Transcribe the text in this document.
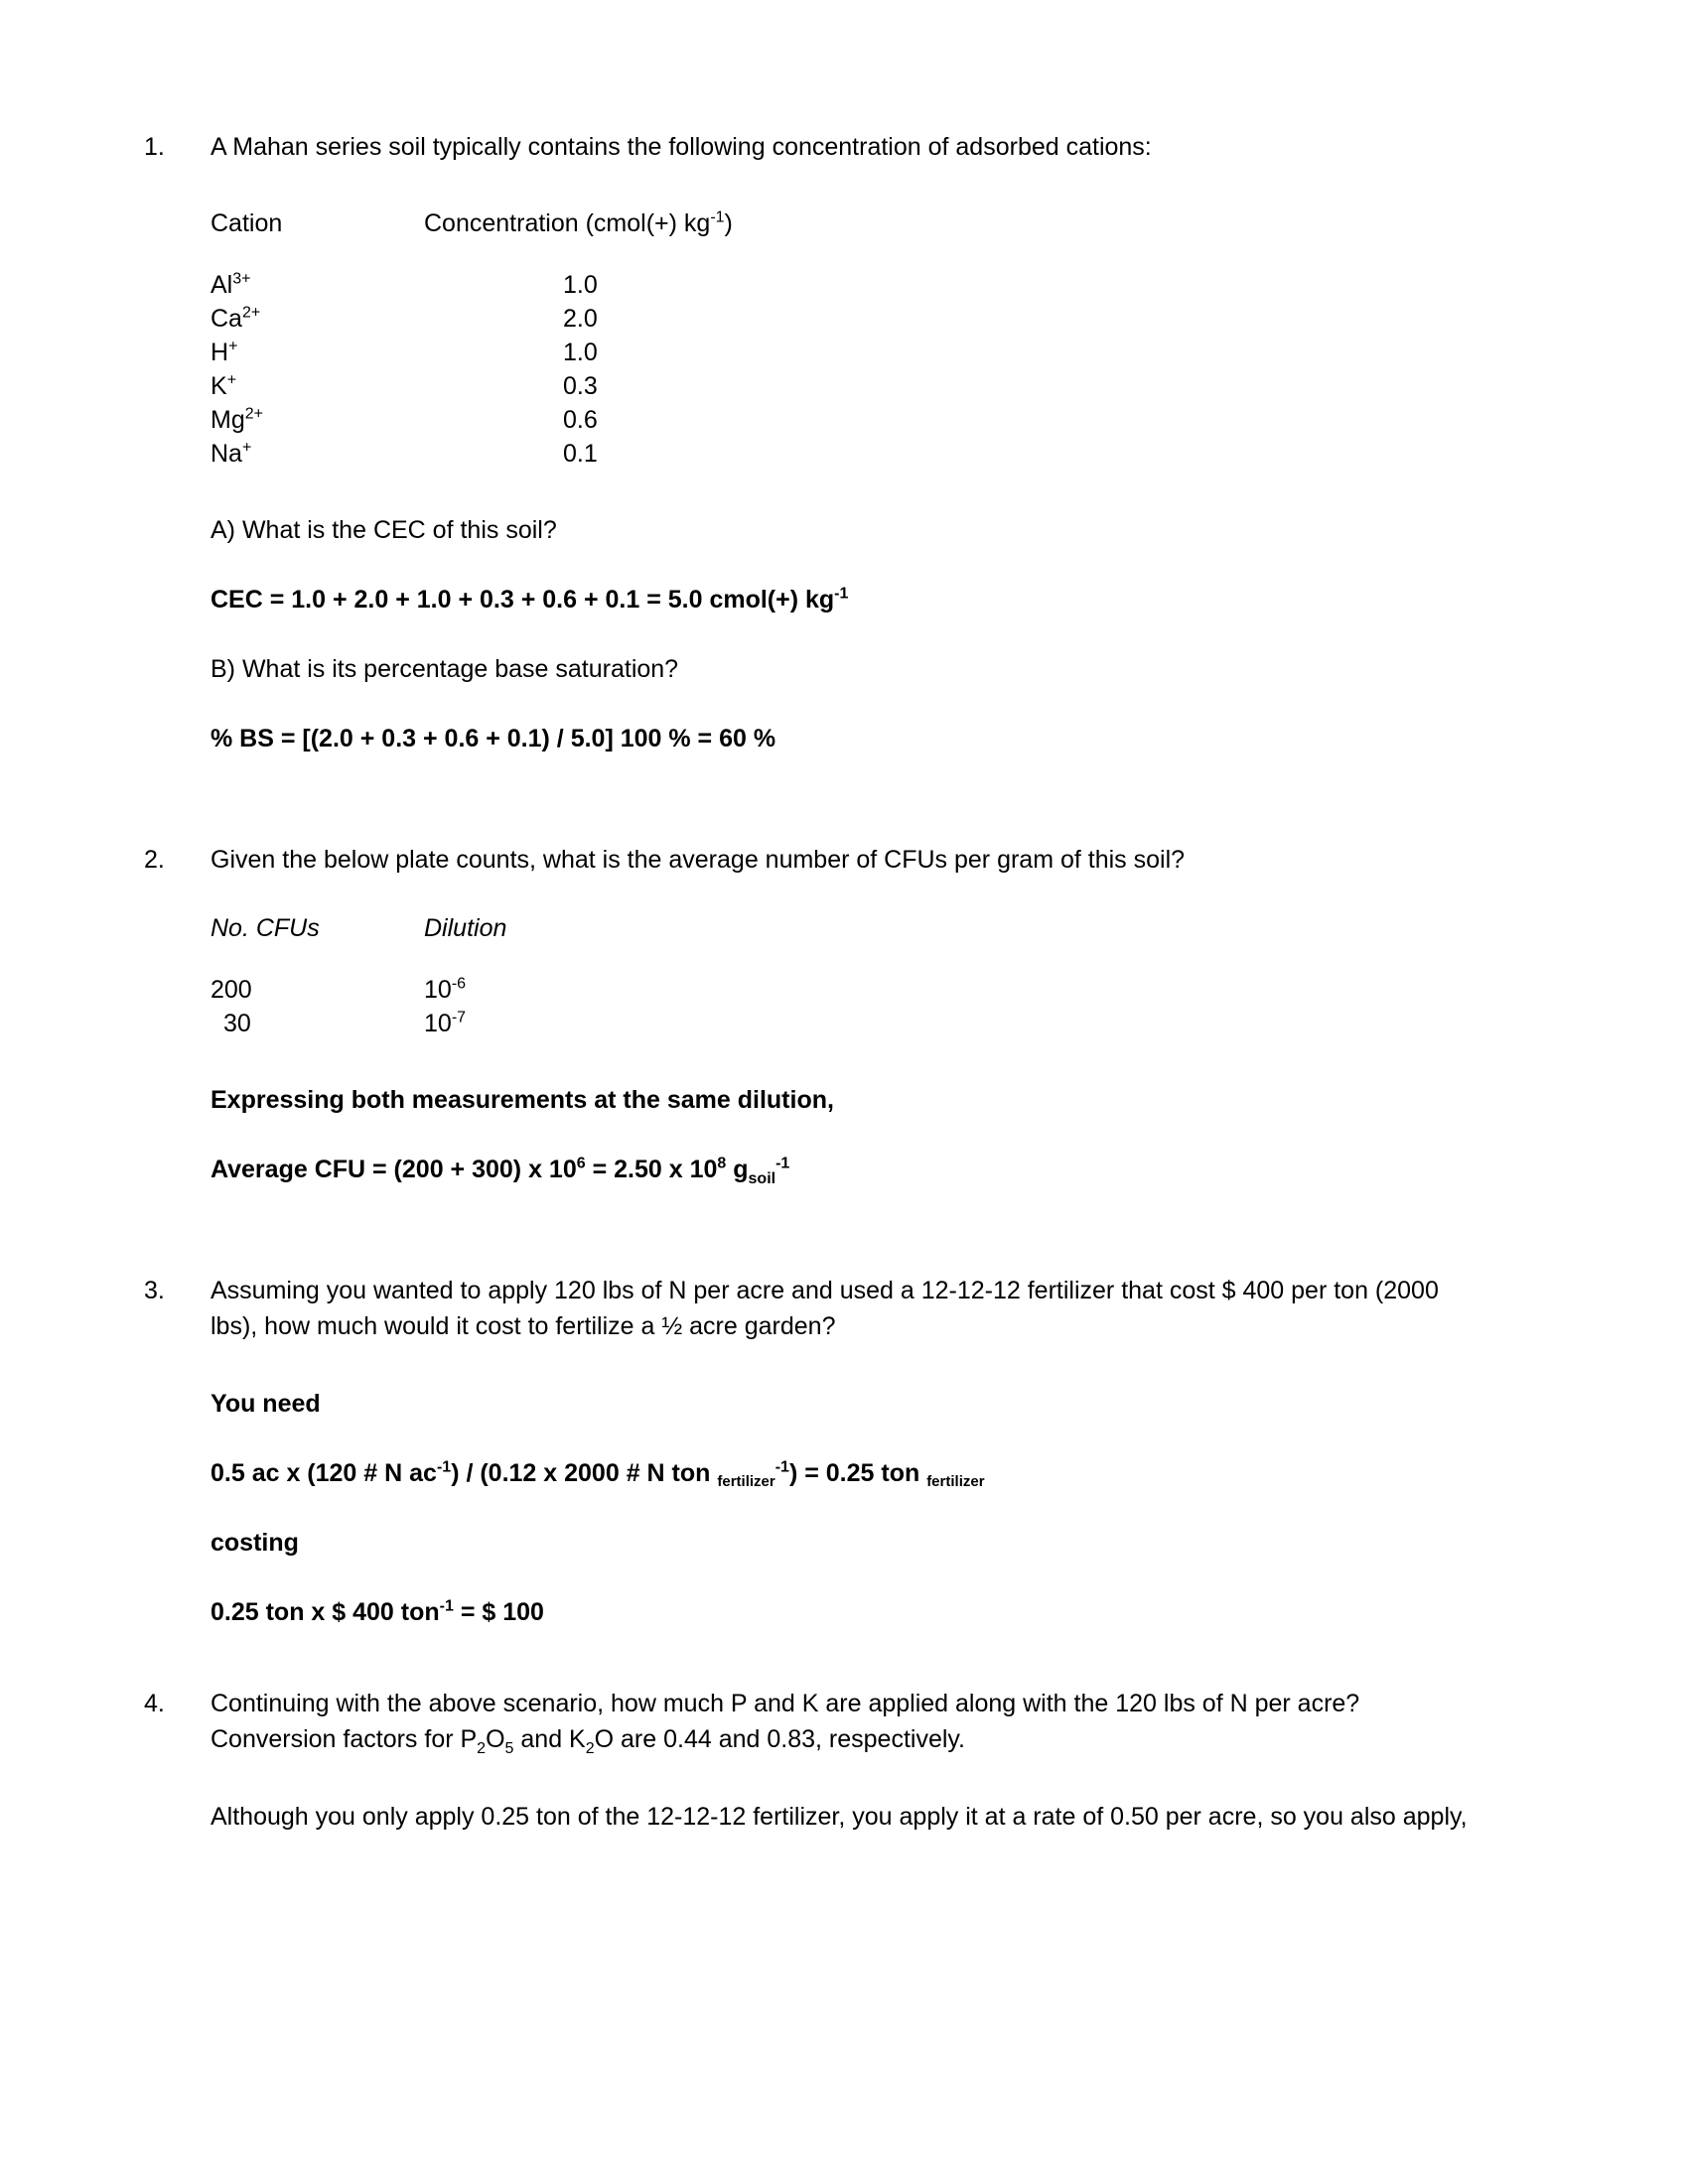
1. A Mahan series soil typically contains the following concentration of adsorbed cations:
Cation	Concentration (cmol(+) $kg^{-1}$)

$Al^{3+}$	1.0
$Ca^{2+}$	2.0
H+	1.0
K+	0.3
$Mg^{2+}$	0.6
Na+	0.1
A) What is the CEC of this soil?
CEC = 1.0 + 2.0 + 1.0 + 0.3 + 0.6 + 0.1 = 5.0 cmol(+) $kg^{-1}$
B) What is its percentage base saturation?
% BS = [(2.0 + 0.3 + 0.6 + 0.1) / 5.0] 100 % = 60 %
2. Given the below plate counts, what is the average number of CFUs per gram of this soil?
No. CFUs	Dilution

200	$10^{-6}$
30	$10^{-7}$
Expressing both measurements at the same dilution,
Average CFU = (200 + 300) x $10^6 = 2.50$ x $10^8$ $g_{soil}^{-1}$
3. Assuming you wanted to apply 120 lbs of N per acre and used a 12-12-12 fertilizer that cost $ 400 per ton (2000 lbs), how much would it cost to fertilize a ½ acre garden?
You need
0.5 ac x (120 # N $ac^{-1}) / (0.12$ x 2000 # N ton $_{fertilizer}^{-1}$) = 0.25 ton $_{fertilizer}$
costing
0.25 ton x $ 400 ton$^{-1}$ = $ 100
4. Continuing with the above scenario, how much P and K are applied along with the 120 lbs of N per acre? Conversion factors for $P_2O_5$ and $K_2O$ are 0.44 and 0.83, respectively.
Although you only apply 0.25 ton of the 12-12-12 fertilizer, you apply it at a rate of 0.50 per acre, so you also apply,
